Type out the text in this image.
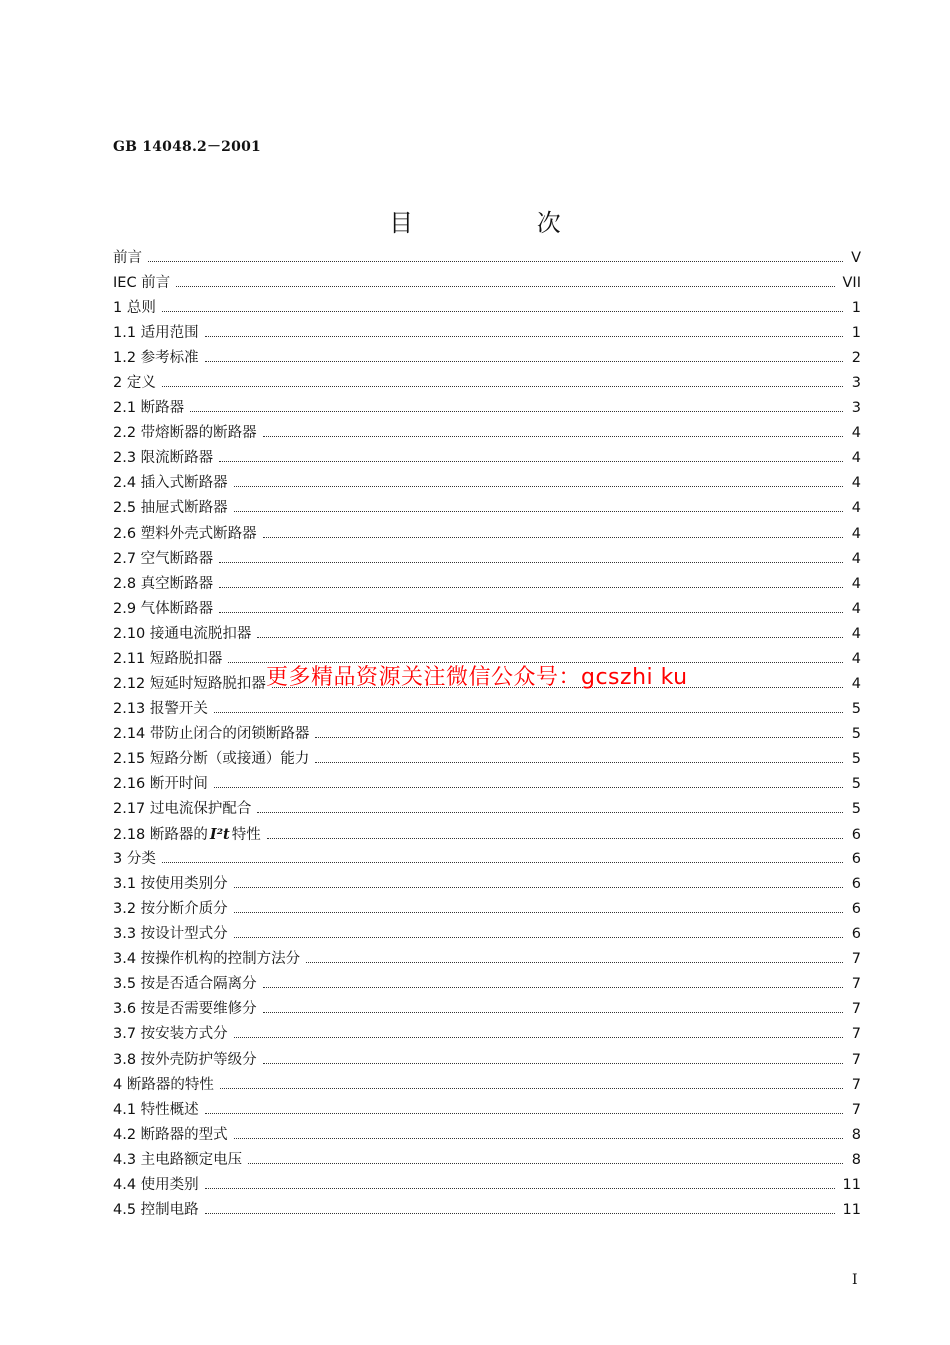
GB 14048.2－2001
目 次
前言	V
IEC 前言	VII
1 总则	1
1.1 适用范围	1
1.2 参考标准	2
2 定义	3
2.1 断路器	3
2.2 带熔断器的断路器	4
2.3 限流断路器	4
2.4 插入式断路器	4
2.5 抽屉式断路器	4
2.6 塑料外壳式断路器	4
2.7 空气断路器	4
2.8 真空断路器	4
2.9 气体断路器	4
2.10 接通电流脱扣器	4
2.11 短路脱扣器	4
2.12 短延时短路脱扣器	4
2.13 报警开关	5
2.14 带防止闭合的闭锁断路器	5
2.15 短路分断（或接通）能力	5
2.16 断开时间	5
2.17 过电流保护配合	5
2.18 断路器的 I²t 特性	6
3 分类	6
3.1 按使用类别分	6
3.2 按分断介质分	6
3.3 按设计型式分	6
3.4 按操作机构的控制方法分	7
3.5 按是否适合隔离分	7
3.6 按是否需要维修分	7
3.7 按安装方式分	7
3.8 按外壳防护等级分	7
4 断路器的特性	7
4.1 特性概述	7
4.2 断路器的型式	8
4.3 主电路额定电压	8
4.4 使用类别	11
4.5 控制电路	11
更多精品资源关注微信公众号：gcszhi ku
I
